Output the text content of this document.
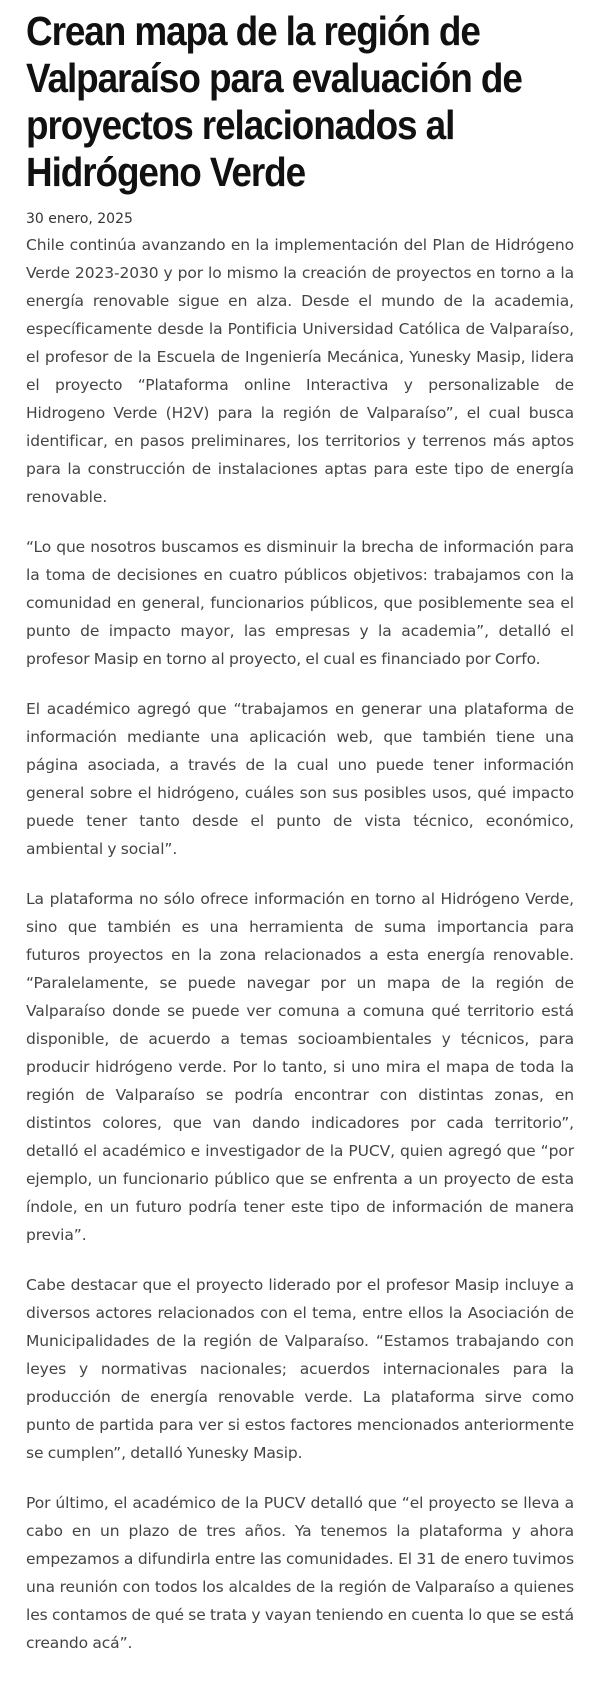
Crean mapa de la región de Valparaíso para evaluación de proyectos relacionados al Hidrógeno Verde
30 enero, 2025

Chile continúa avanzando en la implementación del Plan de Hidrógeno Verde 2023-2030 y por lo mismo la creación de proyectos en torno a la energía renovable sigue en alza. Desde el mundo de la academia, específicamente desde la Pontificia Universidad Católica de Valparaíso, el profesor de la Escuela de Ingeniería Mecánica, Yunesky Masip, lidera el proyecto “Plataforma online Interactiva y personalizable de Hidrogeno Verde (H2V) para la región de Valparaíso”, el cual busca identificar, en pasos preliminares, los territorios y terrenos más aptos para la construcción de instalaciones aptas para este tipo de energía renovable.

“Lo que nosotros buscamos es disminuir la brecha de información para la toma de decisiones en cuatro públicos objetivos: trabajamos con la comunidad en general, funcionarios públicos, que posiblemente sea el punto de impacto mayor, las empresas y la academia”, detalló el profesor Masip en torno al proyecto, el cual es financiado por Corfo.

El académico agregó que “trabajamos en generar una plataforma de información mediante una aplicación web, que también tiene una página asociada, a través de la cual uno puede tener información general sobre el hidrógeno, cuáles son sus posibles usos, qué impacto puede tener tanto desde el punto de vista técnico, económico, ambiental y social”.

La plataforma no sólo ofrece información en torno al Hidrógeno Verde, sino que también es una herramienta de suma importancia para futuros proyectos en la zona relacionados a esta energía renovable. “Paralelamente, se puede navegar por un mapa de la región de Valparaíso donde se puede ver comuna a comuna qué territorio está disponible, de acuerdo a temas socioambientales y técnicos, para producir hidrógeno verde. Por lo tanto, si uno mira el mapa de toda la región de Valparaíso se podría encontrar con distintas zonas, en distintos colores, que van dando indicadores por cada territorio”, detalló el académico e investigador de la PUCV, quien agregó que “por ejemplo, un funcionario público que se enfrenta a un proyecto de esta índole, en un futuro podría tener este tipo de información de manera previa”.

Cabe destacar que el proyecto liderado por el profesor Masip incluye a diversos actores relacionados con el tema, entre ellos la Asociación de Municipalidades de la región de Valparaíso. “Estamos trabajando con leyes y normativas nacionales; acuerdos internacionales para la producción de energía renovable verde. La plataforma sirve como punto de partida para ver si estos factores mencionados anteriormente se cumplen”, detalló Yunesky Masip.

Por último, el académico de la PUCV detalló que “el proyecto se lleva a cabo en un plazo de tres años. Ya tenemos la plataforma y ahora empezamos a difundirla entre las comunidades. El 31 de enero tuvimos una reunión con todos los alcaldes de la región de Valparaíso a quienes les contamos de qué se trata y vayan teniendo en cuenta lo que se está creando acá”.
